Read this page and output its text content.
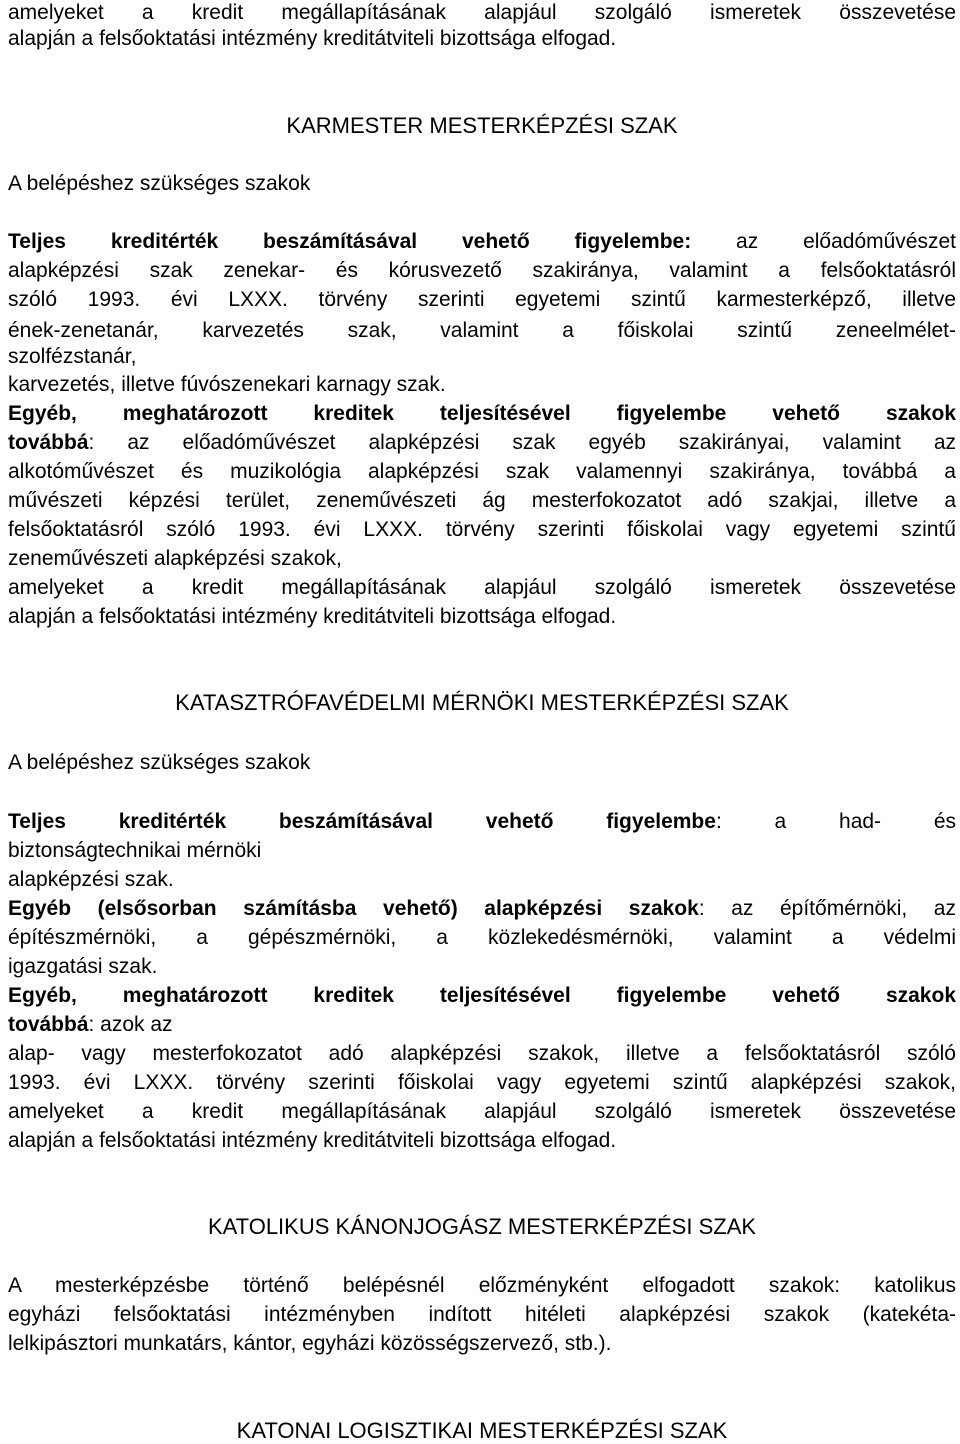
amelyeket a kredit megállapításának alapjául szolgáló ismeretek összevetése
alapján a felsőoktatási intézmény kreditátviteli bizottsága elfogad.
KARMESTER MESTERKÉPZÉSI SZAK
A belépéshez szükséges szakok
Teljes kreditérték beszámításával vehető figyelembe: az előadóművészet
alapképzési szak zenekar- és kórusvezető szakiránya, valamint a felsőoktatásról
szóló 1993. évi LXXX. törvény szerinti egyetemi szintű karmesterképző, illetve
ének-zenetanár, karvezetés szak, valamint a főiskolai szintű zeneelmélet-
szolfézstanár,
karvezetés, illetve fúvószenekari karnagy szak.
Egyéb, meghatározott kreditek teljesítésével figyelembe vehető szakok
továbbá: az előadóművészet alapképzési szak egyéb szakirányai, valamint az
alkotóművészet és muzikológia alapképzési szak valamennyi szakiránya, továbbá a
művészeti képzési terület, zeneművészeti ág mesterfokozatot adó szakjai, illetve a
felsőoktatásról szóló 1993. évi LXXX. törvény szerinti főiskolai vagy egyetemi szintű
zeneművészeti alapképzési szakok,
amelyeket a kredit megállapításának alapjául szolgáló ismeretek összevetése
alapján a felsőoktatási intézmény kreditátviteli bizottsága elfogad.
KATASZTRÓFAVÉDELMI MÉRNÖKI MESTERKÉPZÉSI SZAK
A belépéshez szükséges szakok
Teljes kreditérték beszámításával vehető figyelembe: a had- és
biztonságtechnikai mérnöki
alapképzési szak.
Egyéb (elsősorban számításba vehető) alapképzési szakok: az építőmérnöki, az
építészmérnöki, a gépészmérnöki, a közlekedésmérnöki, valamint a védelmi
igazgatási szak.
Egyéb, meghatározott kreditek teljesítésével figyelembe vehető szakok
továbbá: azok az
alap- vagy mesterfokozatot adó alapképzési szakok, illetve a felsőoktatásról szóló
1993. évi LXXX. törvény szerinti főiskolai vagy egyetemi szintű alapképzési szakok,
amelyeket a kredit megállapításának alapjául szolgáló ismeretek összevetése
alapján a felsőoktatási intézmény kreditátviteli bizottsága elfogad.
KATOLIKUS KÁNONJOGÁSZ MESTERKÉPZÉSI SZAK
A mesterképzésbe történő belépésnél előzményként elfogadott szakok: katolikus
egyházi felsőoktatási intézményben indított hitéleti alapképzési szakok (katekéta-
lelkipásztori munkatárs, kántor, egyházi közösségszervező, stb.).
KATONAI LOGISZTIKAI MESTERKÉPZÉSI SZAK
